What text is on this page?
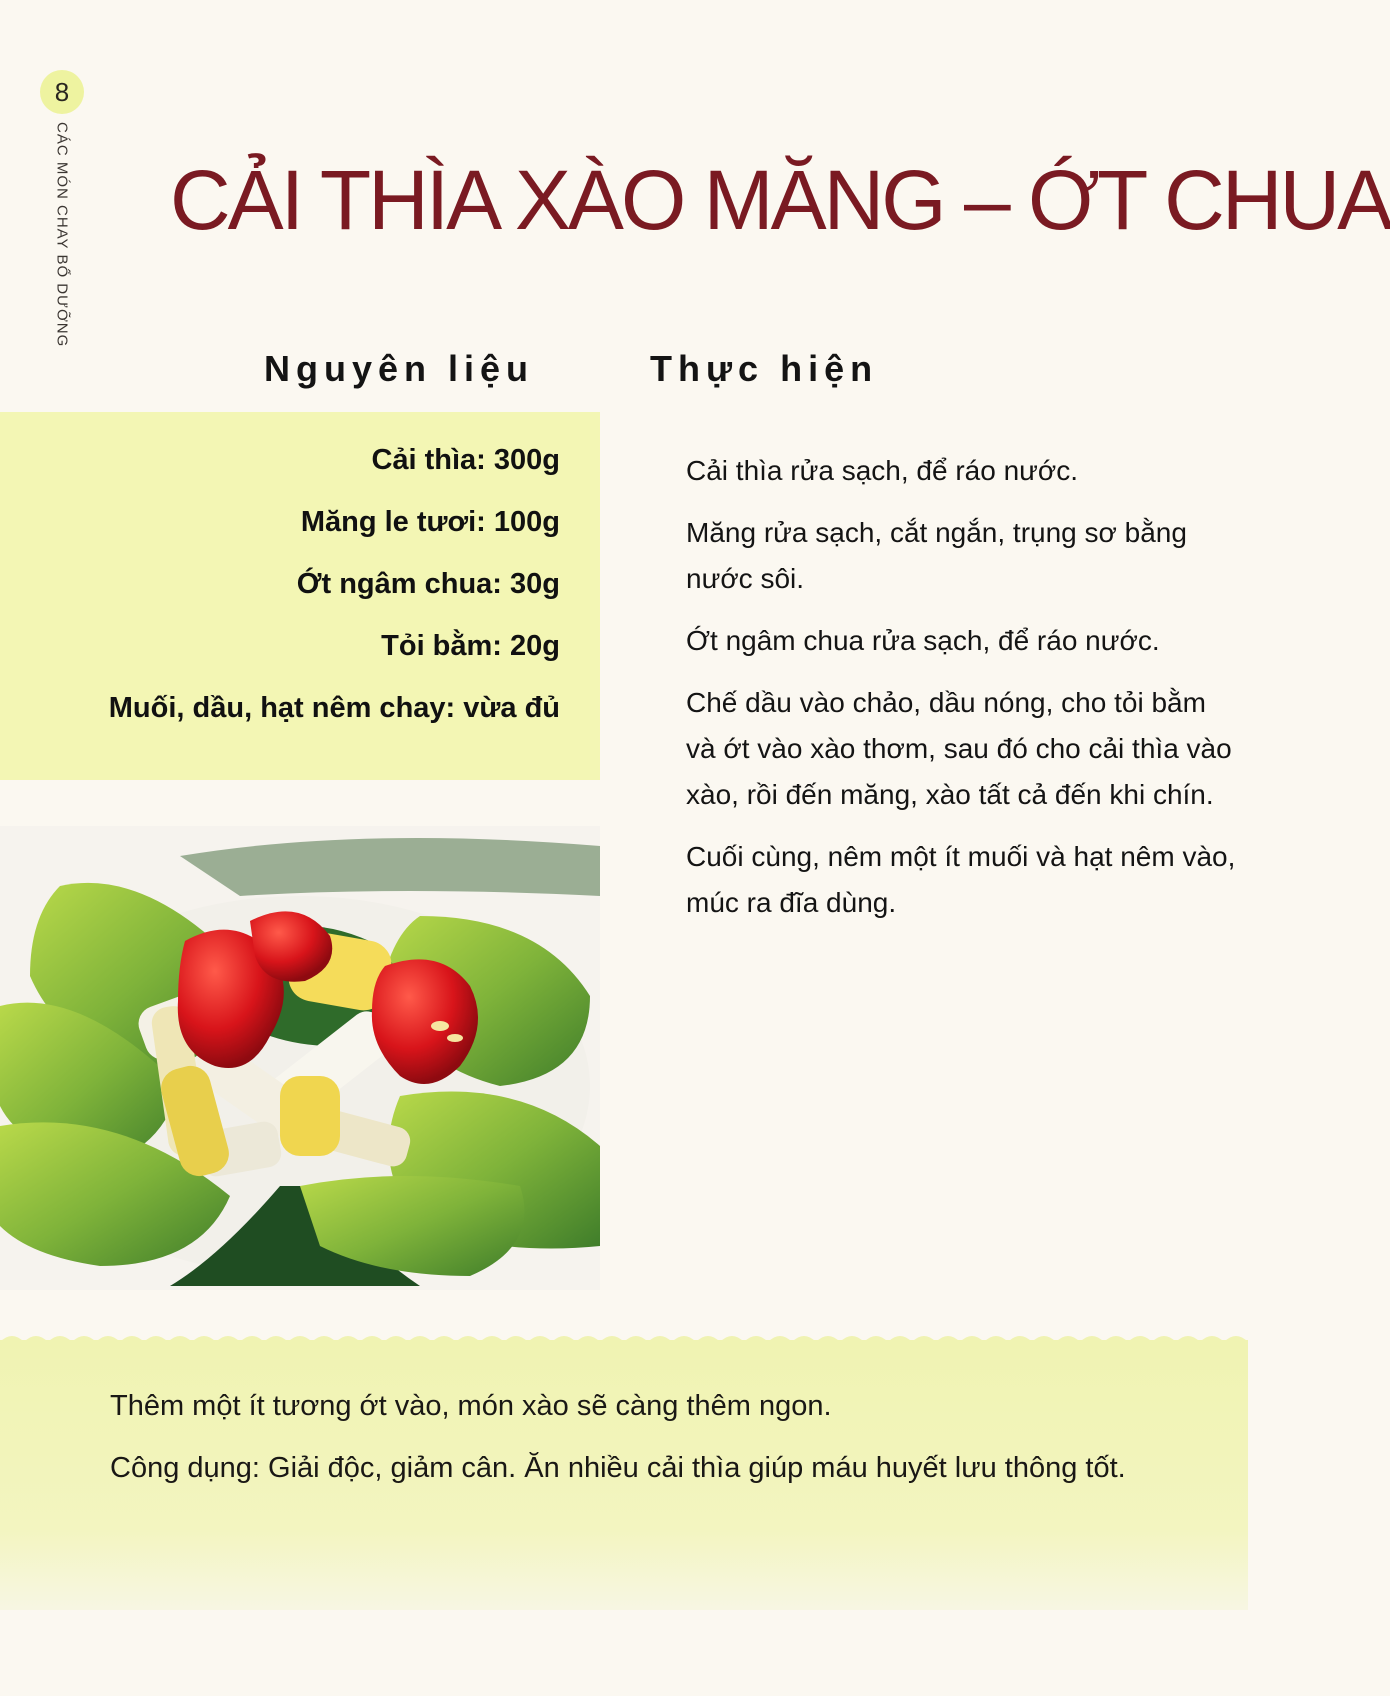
8
CÁC MÓN CHAY BỔ DƯỠNG CẢI THÌA XÀO MĂNG – ỚT CHUA
Nguyên liệu	Thực hiện
Cải thìa: 300g
Măng le tươi: 100g
Ớt ngâm chua: 30g
Tỏi bằm: 20g
Muối, dầu, hạt nêm chay: vừa đủ

Cải thìa rửa sạch, để ráo nước.

Măng rửa sạch, cắt ngắn, trụng sơ bằng nước sôi.

Ớt ngâm chua rửa sạch, để ráo nước.

Chế dầu vào chảo, dầu nóng, cho tỏi bằm và ớt vào xào thơm, sau đó cho cải thìa vào xào, rồi đến măng, xào tất cả đến khi chín.

Cuối cùng, nêm một ít muối và hạt nêm vào, múc ra đĩa dùng.

Thêm một ít tương ớt vào, món xào sẽ càng thêm ngon.
Công dụng: Giải độc, giảm cân. Ăn nhiều cải thìa giúp máu huyết lưu thông tốt.
